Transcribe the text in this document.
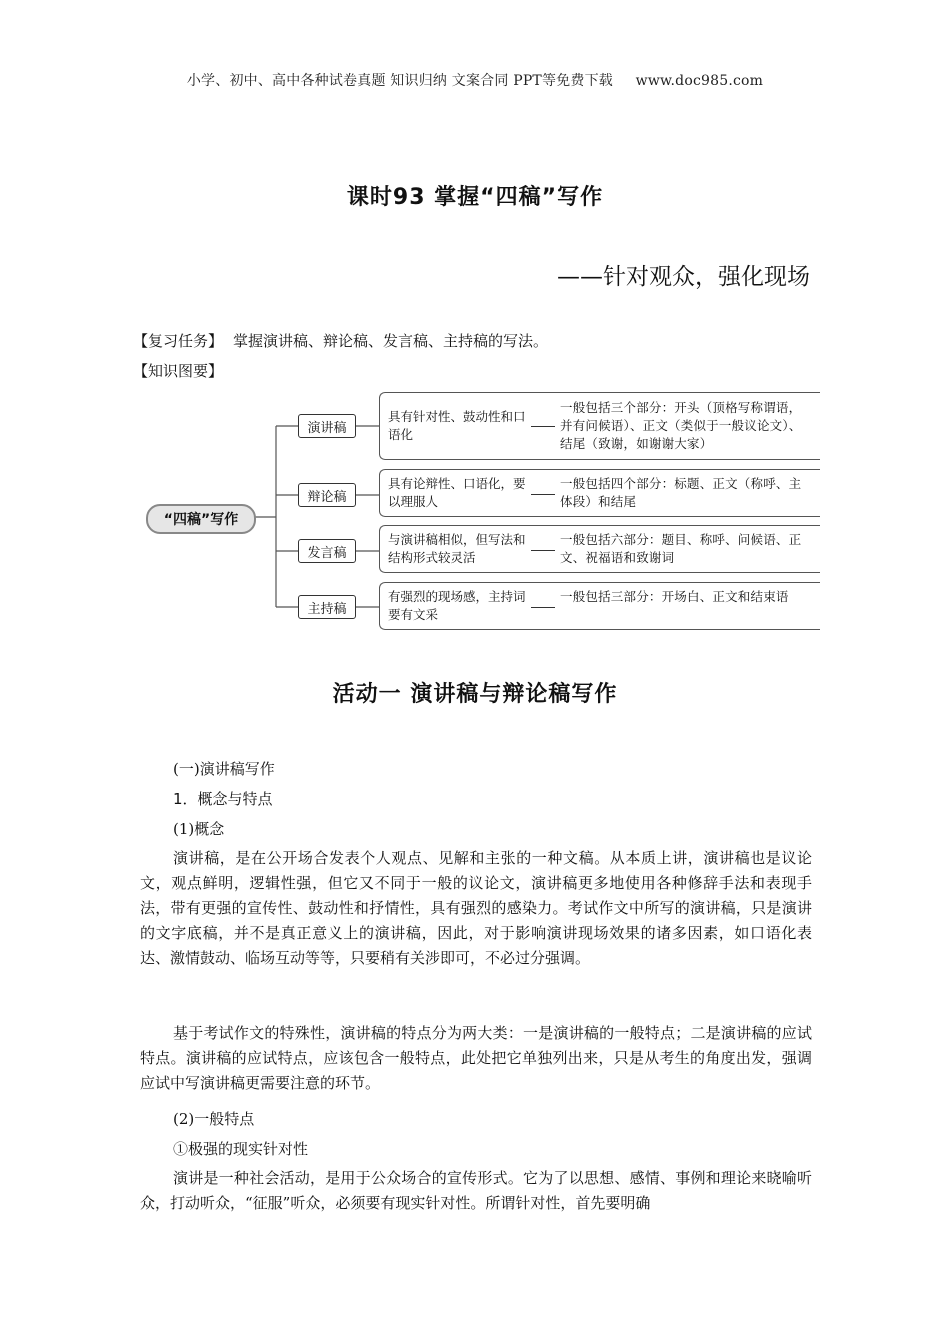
小学、初中、高中各种试卷真题 知识归纳 文案合同 PPT等免费下载 www.doc985.com
课时93 掌握“四稿”写作
——针对观众，强化现场
【复习任务】 掌握演讲稿、辩论稿、发言稿、主持稿的写法。
【知识图要】
“四稿”写作
演讲稿
辩论稿
发言稿
主持稿
具有针对性、鼓动性和口语化
一般包括三个部分：开头（顶格写称谓语，并有问候语）、正文（类似于一般议论文）、结尾（致谢，如谢谢大家）
具有论辩性、口语化，要以理服人
一般包括四个部分：标题、正文（称呼、主体段）和结尾
与演讲稿相似，但写法和结构形式较灵活
一般包括六部分：题目、称呼、问候语、正文、祝福语和致谢词
有强烈的现场感，主持词要有文采
一般包括三部分：开场白、正文和结束语
活动一 演讲稿与辩论稿写作
(一)演讲稿写作
1．概念与特点
(1)概念

演讲稿，是在公开场合发表个人观点、见解和主张的一种文稿。从本质上讲，演讲稿也是议论文，观点鲜明，逻辑性强，但它又不同于一般的议论文，演讲稿更多地使用各种修辞手法和表现手法，带有更强的宣传性、鼓动性和抒情性，具有强烈的感染力。考试作文中所写的演讲稿，只是演讲的文字底稿，并不是真正意义上的演讲稿，因此，对于影响演讲现场效果的诸多因素，如口语化表达、激情鼓动、临场互动等等，只要稍有关涉即可，不必过分强调。

基于考试作文的特殊性，演讲稿的特点分为两大类：一是演讲稿的一般特点；二是演讲稿的应试特点。演讲稿的应试特点，应该包含一般特点，此处把它单独列出来，只是从考生的角度出发，强调应试中写演讲稿更需要注意的环节。

(2)一般特点
①极强的现实针对性

演讲是一种社会活动，是用于公众场合的宣传形式。它为了以思想、感情、事例和理论来晓喻听众，打动听众，“征服”听众，必须要有现实针对性。所谓针对性，首先要明确
